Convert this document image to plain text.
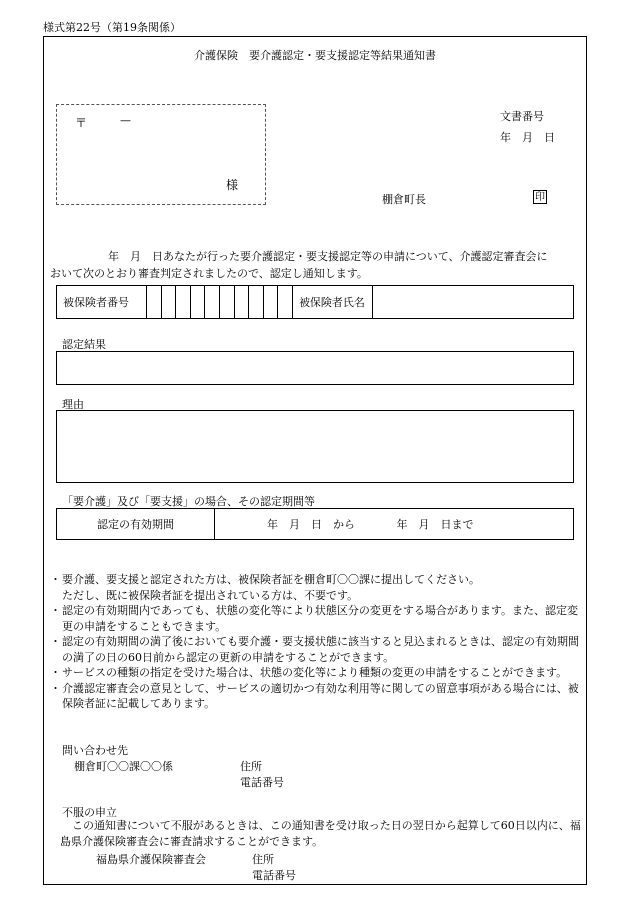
様式第22号（第19条関係）
介護保険　要介護認定・要支援認定等結果通知書
〒	—
様
文書番号
年　月　日
棚倉町長	印
年　月　日あなたが行った要介護認定・要支援認定等の申請について、介護認定審査会に
おいて次のとおり審査判定されましたので、認定し通知します。
被保険者番号											被保険者氏名	
認定結果
理由
「要介護」及び「要支援」の場合、その認定期間等
認定の有効期間	年　月　日　から	年　月　日まで
・ 要介護、要支援と認定された方は、被保険者証を棚倉町〇〇課に提出してください。
ただし、既に被保険者証を提出されている方は、不要です。
・ 認定の有効期間内であっても、状態の変化等により状態区分の変更をする場合があります。また、認定変更の申請をすることもできます。
・ 認定の有効期間の満了後においても要介護・要支援状態に該当すると見込まれるときは、認定の有効期間の満了の日の60日前から認定の更新の申請をすることができます。
・ サービスの種類の指定を受けた場合は、状態の変化等により種類の変更の申請をすることができます。
・ 介護認定審査会の意見として、サービスの適切かつ有効な利用等に関しての留意事項がある場合には、被保険者証に記載してあります。
問い合わせ先
棚倉町〇〇課〇〇係	住所
電話番号
不服の申立
この通知書について不服があるときは、この通知書を受け取った日の翌日から起算して60日以内に、福島県介護保険審査会に審査請求することができます。
福島県介護保険審査会	住所
電話番号
